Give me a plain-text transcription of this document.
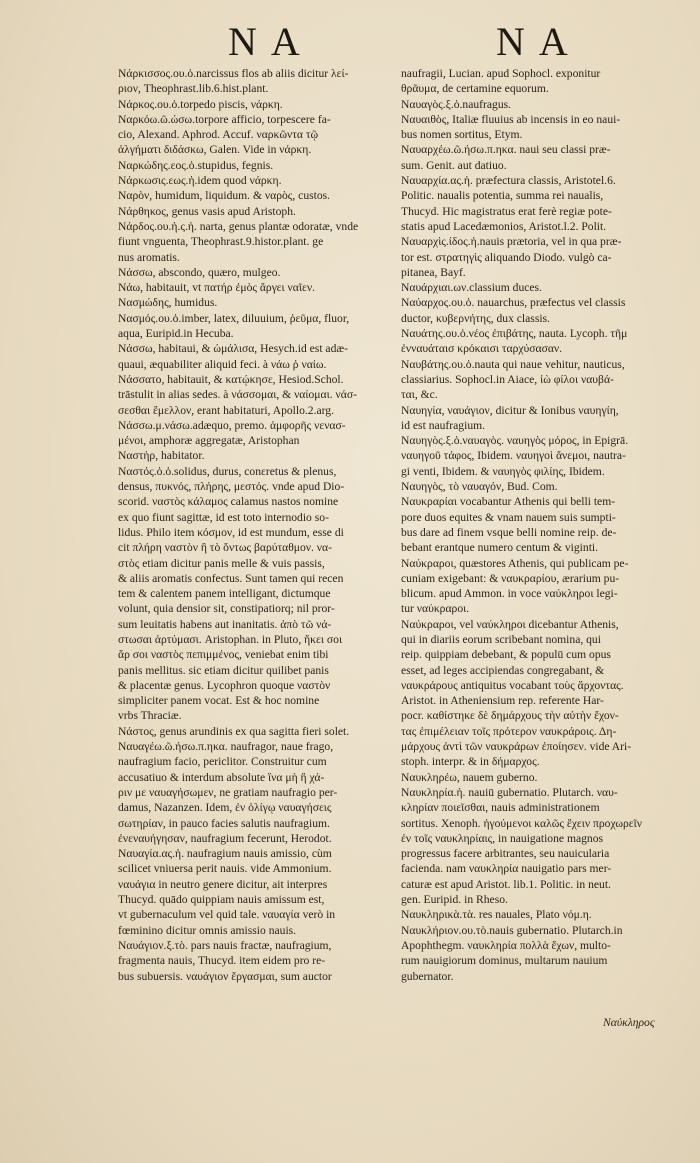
NA	NA
Νάρκισσος.ου.ὁ.narcissus flos ab aliis dicitur λεί-
ριον, Theophrast.lib.6.hist.plant.
Νάρκος.ου.ὁ.torpedo piscis, νάρκη.
Ναρκόω.ῶ.ώσω.torpore afficio, torpescere fa-
cio, Alexand. Aphrod. Accuf. ναρκῶντα τῷ
ἀλγήματι διδάσκω, Galen. Vide in νάρκη.
Ναρκώδης.εος.ὁ.stupidus, fegnis.
Νάρκωσις.εως.ἡ.idem quod νάρκη.
Ναρὸν, humidum, liquidum. & ναρὸς, custos.
Νάρθηκος, genus vasis apud Aristoph.
Νάρδος.ου.ἡ.ς.ἡ. narta, genus plantæ odoratæ, vnde
fiunt vnguenta, Theophrast.9.histor.plant. ge
nus aromatis.
Νάσσω, abscondo, quæro, mulgeo.
Νάω, habitauit, vt πατήρ ἐμὸς ἄργει ναῖεν.
Νασμώδης, humidus.
Νασμός.ου.ὁ.imber, latex, diluuium, ῥεῦμα, fluor,
aqua, Euripid.in Hecuba.
Νάσσω, habitaui, & ὡμάλισα, Hesych.id est adæ-
quaui, æquabiliter aliquid feci. à νάω ῥ ναίω.
Νάσσατο, habitauit, & κατῴκησε, Hesiod.Schol.
trāstulit in alias sedes. à νάσσομαι, & ναίομαι. νάσ-
σεσθαι ἔμελλον, erant habitaturi, Apollo.2.arg.
Νάσσω.μ.νάσω.adæquo, premo. ἀμφορῆς νενασ-
μένοι, amphoræ aggregatæ, Aristophan
Ναστὴρ, habitator.
Ναστός.ὁ.ὁ.solidus, durus, conεretus & plenus,
densus, πυκνός, πλήρης, μεστός. vnde apud Dio-
scorid. ναστὸς κάλαμος calamus nastos nomine
ex quo fiunt sagittæ, id est toto internodio so-
lidus. Philo item κόσμον, id est mundum, esse di
cit πλήρη ναστὸν ἢ τὸ ὄντως βαρύταθμον. να-
στὸς etiam dicitur panis melle & vuis passis,
& aliis aromatis confectus. Sunt tamen qui recen
tem & calentem panem intelligant, dictumque
volunt, quia densior sit, constipatiorq; nil pror-
sum leuitatis habens aut inanitatis. ἀπὸ τῶ νά-
στωσαι ἀρτύμασι. Aristophan. in Pluto, ἥκει σοι
ἄρ σοι ναστὸς πεπιμμένος, veniebat enim tibi
panis mellitus. sic etiam dicitur quilibet panis
& placentæ genus. Lycophron quoque ναστὸν
simpliciter panem vocat. Est & hoc nomine
vrbs Thraciæ.
Νάστος, genus arundinis ex qua sagitta fieri solet.
Ναυαγέω.ῶ.ήσω.π.ηκα. naufragor, naue frago,
naufragium facio, periclitor. Construitur cum
accusatiuo & interdum absolute ἵνα μὴ ἢ χά-
ριν με ναυαγήσωμεν, ne gratiam naufragio per-
damus, Nazanzen. Idem, ἐν ὀλίγῳ ναυαγήσεις
σωτηρίαν, in pauco facies salutis naufragium.
ἐνεναυήγησαν, naufragium fecerunt, Herodot.
Ναυαγία.ας.ἡ. naufragium nauis amissio, cùm
scilicet vniuersa perit nauis. vide Ammonium.
ναυάγια in neutro genere dicitur, ait interpres
Thucyd. quādo quippiam nauis amissum est,
vt gubernaculum vel quid tale. ναυαγία verò in
fœminino dicitur omnis amissio nauis.
Ναυάγιον.ξ.τὸ. pars nauis fractæ, naufragium,
fragmenta nauis, Thucyd. item eidem pro re-
bus subuersis. ναυάγιον ἔργασμαι, sum auctor
naufragii, Lucian. apud Sophocl. exponitur
θρᾶυμα, de certamine equorum.
Ναυαγὸς.ξ.ὁ.naufragus.
Ναυαιθὸς, Italiæ fluuius ab incensis in eo naui-
bus nomen sortitus, Etym.
Ναυαρχέω.ῶ.ήσω.π.ηκα. naui seu classi præ-
sum. Genit. aut datiuo.
Ναυαρχία.ας.ἡ. præfectura classis, Aristotel.6.
Politic. naualis potentia, summa rei naualis,
Thucyd. Hic magistratus erat ferè regiæ pote-
statis apud Lacedæmonios, Aristot.l.2. Polit.
Ναυαρχὶς.ίδος.ἡ.nauis prætoria, vel in qua præ-
tor est. στρατηγὶς aliquando Diodo. vulgò ca-
pitanea, Bayf.
Ναυάρχιαι.ων.classium duces.
Ναύαρχος.ου.ὁ. nauarchus, præfectus vel classis
ductor, κυβερνήτης, dux classis.
Ναυάτης.ου.ὁ.νέος ἐπιβάτης, nauta. Lycoph. τῆμ
ἐνναυάταισ κρόκαισι ταρχύσασαν.
Ναυβάτης.ου.ὁ.nauta qui naue vehitur, nauticus,
classiarius. Sophocl.in Aiace, ἰὼ φίλοι ναυβά-
ται, &c.
Ναυηγία, ναυάγιον, dicitur & Ionibus ναυηγίη,
id est naufragium.
Ναυηγὸς.ξ.ὁ.ναυαγὸς. ναυηγὸς μόρος, in Epigrā.
ναυηγοῦ τάφος, Ibidem. ναυηγοὶ ἄνεμοι, nautra-
gi venti, Ibidem. & ναυηγὸς φιλίης, Ibidem.
Ναυηγὸς, τὸ ναυαγόν, Bud. Com.
Ναυκραρίαι vocabantur Athenis qui belli tem-
pore duos equites & vnam nauem suis sumpti-
bus dare ad finem vsque belli nomine reip. de-
bebant erantque numero centum & viginti.
Ναύκραροι, quæstores Athenis, qui publicam pe-
cuniam exigebant: & ναυκραρίου, ærarium pu-
blicum. apud Ammon. in voce ναύκληροι legi-
tur ναύκραροι.
Ναύκραροι, vel ναύκληροι dicebantur Athenis,
qui in diariis eorum scribebant nomina, qui
reip. quippiam debebant, & populū cum opus
esset, ad leges accipiendas congregabant, &
ναυκράρους antiquitus vocabant τοὺς ἄρχοντας.
Aristot. in Atheniensium rep. referente Har-
pocr. καθίστηκε δὲ δημάρχους τὴν αὐτὴν ἔχον-
τας ἐπιμέλειαν τοῖς πρότερον ναυκράροις. Δη-
μάρχους ἀντὶ τῶν ναυκράρων ἐποίησεν. vide Ari-
stoph. interpr. & in δήμαρχος.
Ναυκληρέω, nauem guberno.
Ναυκληρία.ἡ. nauiū gubernatio. Plutarch. ναυ-
κληρίαν ποιεῖσθαι, nauis administrationem
sortitus. Xenoph. ἡγούμενοι καλῶς ἔχειν προχωρεῖν
ἐν τοῖς ναυκληρίαις, in nauigatione magnos
progressus facere arbitrantes, seu nauicularia
facienda. nam ναυκληρία nauigatio pars mer-
caturæ est apud Aristot. lib.1. Politic. in neut.
gen. Euripid. in Rheso.
Ναυκληρικὰ.τὰ. res nauales, Plato νόμ.η.
Ναυκλήριον.ου.τὸ.nauis gubernatio. Plutarch.in
Apophthegm. ναυκληρία πολλὰ ἔχων, multo-
rum nauigiorum dominus, multarum nauium
gubernator.
Ναύκληρος
